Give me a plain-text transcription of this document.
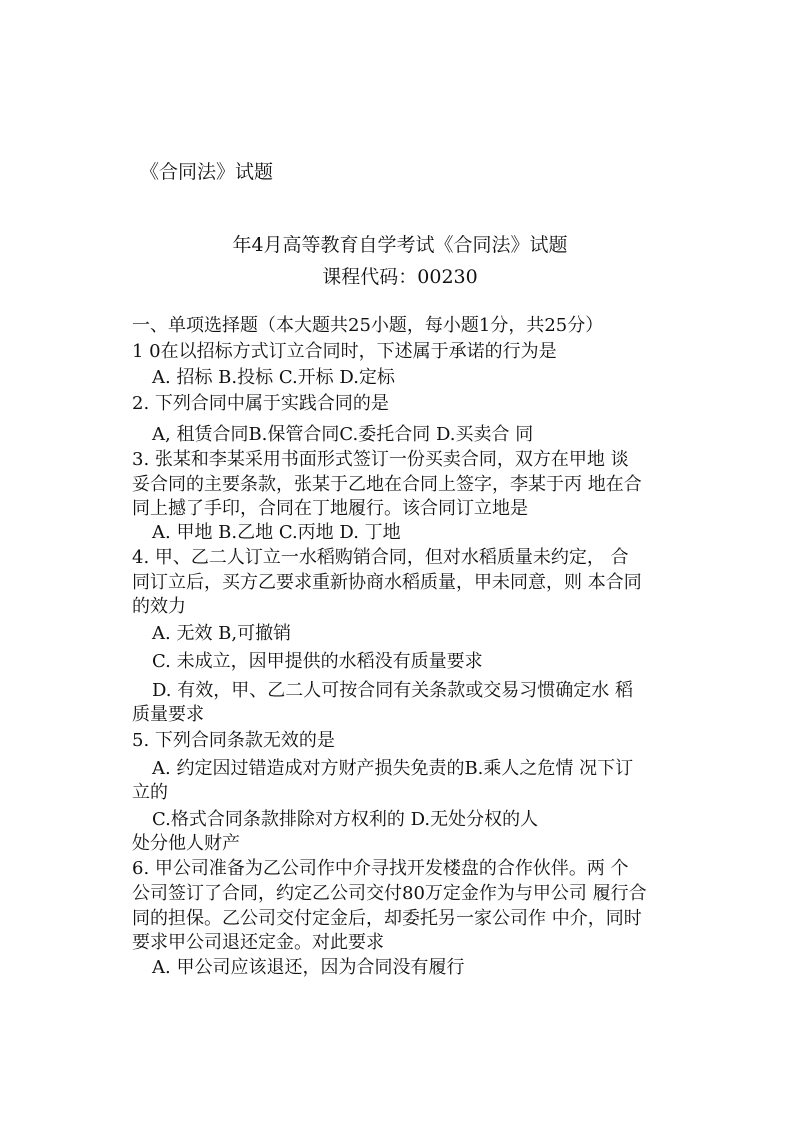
《合同法》试题
年4月高等教育自学考试《合同法》试题
课程代码：00230
一、单项选择题（本大题共25小题，每小题1分，共25分）
1 0在以招标方式订立合同时，下述属于承诺的行为是
A. 招标 B.投标 C.开标 D.定标
2. 下列合同中属于实践合同的是
A, 租赁合同B.保管合同C.委托合同 D.买卖合 同
3. 张某和李某采用书面形式签订一份买卖合同，双方在甲地 谈
妥合同的主要条款，张某于乙地在合同上签字，李某于丙 地在合
同上撼了手印，合同在丁地履行。该合同订立地是
A. 甲地 B.乙地 C.丙地 D. 丁地
4. 甲、乙二人订立一水稻购销合同，但对水稻质量未约定， 合
同订立后，买方乙要求重新协商水稻质量，甲未同意，则 本合同
的效力
A. 无效 B,可撤销
C. 未成立，因甲提供的水稻没有质量要求
D. 有效，甲、乙二人可按合同有关条款或交易习惯确定水 稻
质量要求
5. 下列合同条款无效的是
A. 约定因过错造成对方财产损失免责的B.乘人之危情 况下订
立的
C.格式合同条款排除对方权利的 D.无处分权的人
处分他人财产
6. 甲公司准备为乙公司作中介寻找开发楼盘的合作伙伴。两 个
公司签订了合同，约定乙公司交付80万定金作为与甲公司 履行合
同的担保。乙公司交付定金后，却委托另一家公司作 中介，同时
要求甲公司退还定金。对此要求
A. 甲公司应该退还，因为合同没有履行
